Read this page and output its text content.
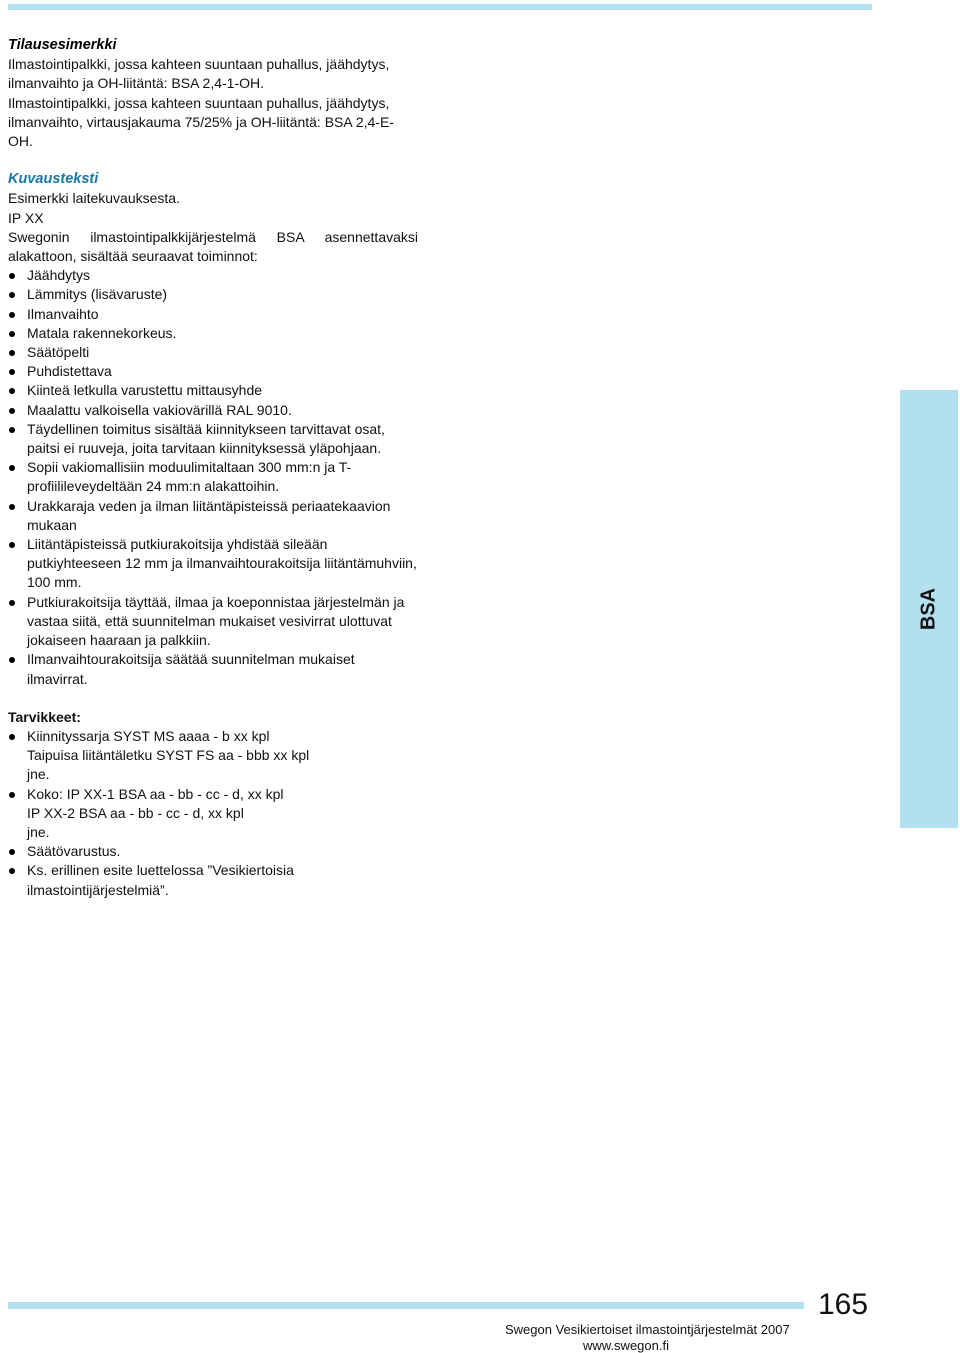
Tilausesimerkki

Ilmastointipalkki, jossa kahteen suuntaan puhallus, jäähdytys, ilmanvaihto ja OH-liitäntä: BSA 2,4-1-OH.

Ilmastointipalkki, jossa kahteen suuntaan puhallus, jäähdytys, ilmanvaihto, virtausjakauma 75/25% ja OH-liitäntä: BSA 2,4-E-OH.

Kuvausteksti

Esimerkki laitekuvauksesta.

IP XX

Swegonin ilmastointipalkkijärjestelmä BSA asennettavaksi

alakattoon, sisältää seuraavat toiminnot:

Jäähdytys
Lämmitys (lisävaruste)
Ilmanvaihto
Matala rakennekorkeus.
Säätöpelti
Puhdistettava
Kiinteä letkulla varustettu mittausyhde
Maalattu valkoisella vakiovärillä RAL 9010.
Täydellinen toimitus sisältää kiinnitykseen tarvittavat osat, paitsi ei ruuveja, joita tarvitaan kiinnityksessä yläpohjaan.
Sopii vakiomallisiin moduulimitaltaan 300 mm:n ja T-profiilileveydeltään 24 mm:n alakattoihin.
Urakkaraja veden ja ilman liitäntäpisteissä periaatekaavion mukaan
Liitäntäpisteissä putkiurakoitsija yhdistää sileään putkiyhteeseen 12 mm ja ilmanvaihtourakoitsija liitäntämuhviin, 100 mm.
Putkiurakoitsija täyttää, ilmaa ja koeponnistaa järjestelmän ja vastaa siitä, että suunnitelman mukaiset vesivirrat ulottuvat jokaiseen haaraan ja palkkiin.
Ilmanvaihtourakoitsija säätää suunnitelman mukaiset ilmavirrat.
Tarvikkeet:
Kiinnityssarja SYST MS aaaa - b xx kpl
Taipuisa liitäntäletku SYST FS aa - bbb xx kpl
jne.
Koko: IP XX-1 BSA aa - bb - cc - d, xx kpl
IP XX-2 BSA aa - bb - cc - d, xx kpl
jne.
Säätövarustus.
Ks. erillinen esite luettelossa ”Vesikiertoisia ilmastointijärjestelmiä”.
BSA
165
Swegon Vesikiertoiset ilmastointjärjestelmät 2007
www.swegon.fi
